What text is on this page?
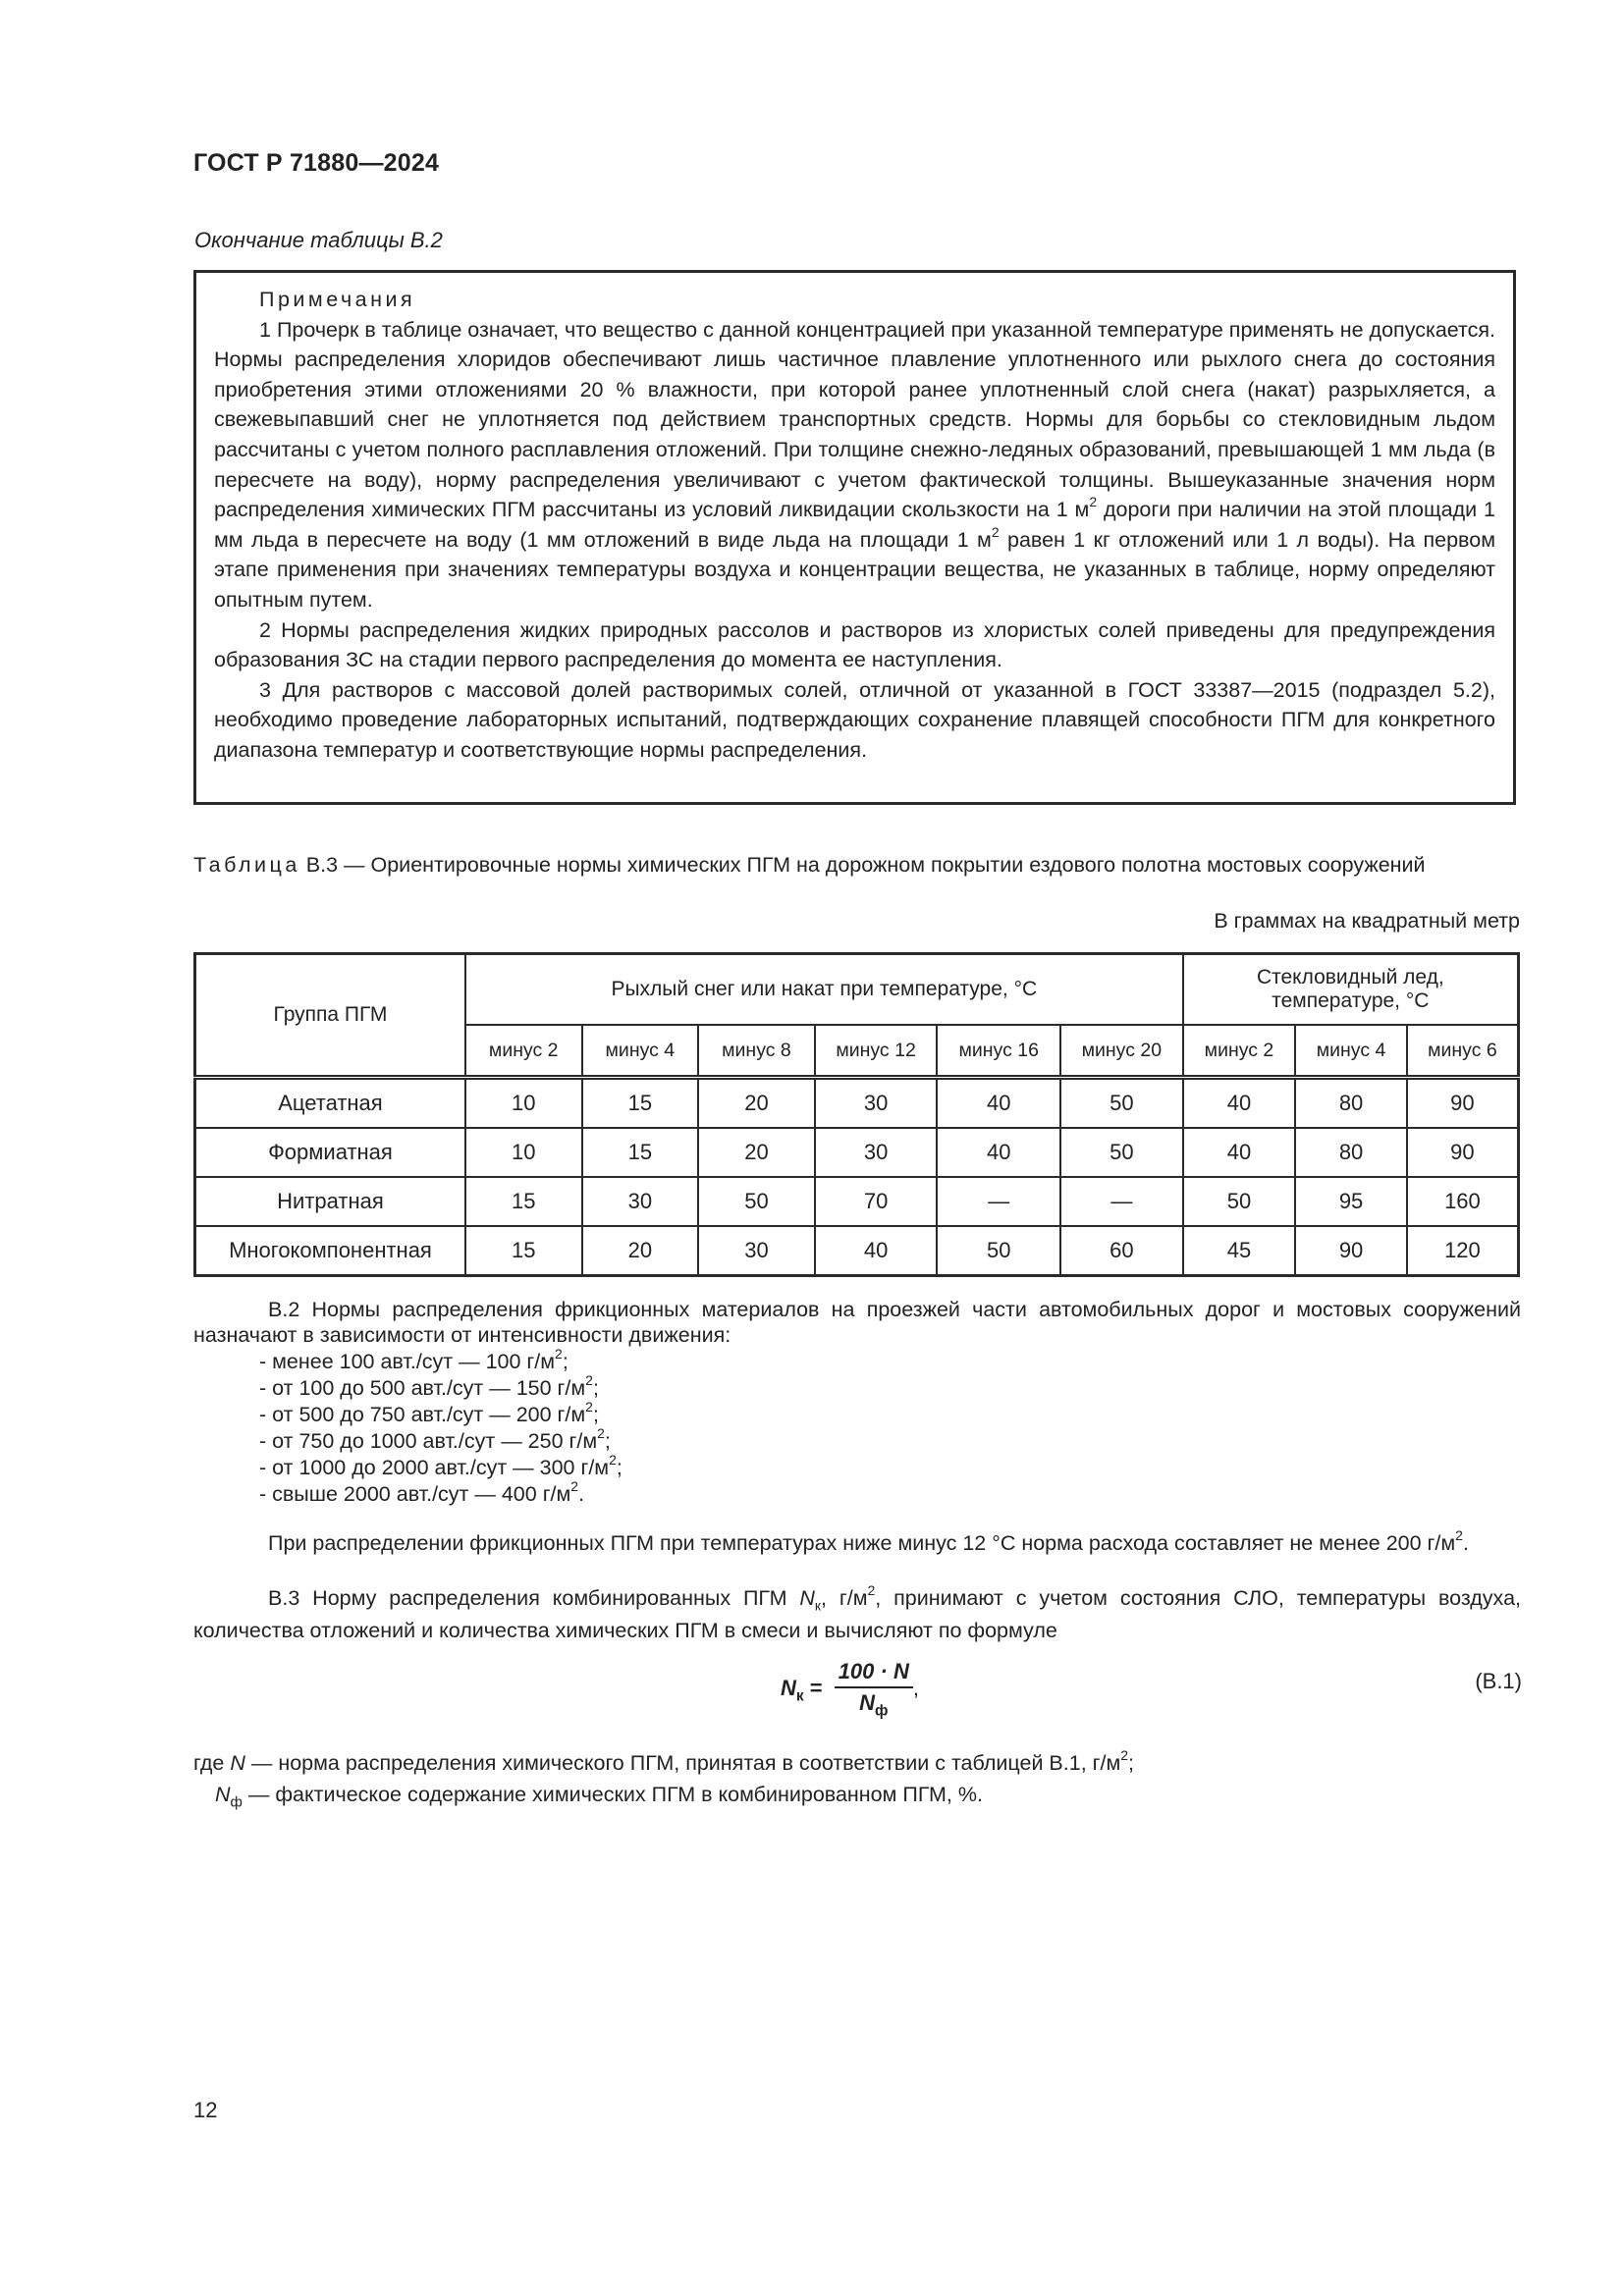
ГОСТ Р 71880—2024
Окончание таблицы В.2
Примечания

1 Прочерк в таблице означает, что вещество с данной концентрацией при указанной температуре применять не допускается. Нормы распределения хлоридов обеспечивают лишь частичное плавление уплотненного или рыхлого снега до состояния приобретения этими отложениями 20 % влажности, при которой ранее уплотненный слой снега (накат) разрыхляется, а свежевыпавший снег не уплотняется под действием транспортных средств. Нормы для борьбы со стекловидным льдом рассчитаны с учетом полного расплавления отложений. При толщине снежно-ледяных образований, превышающей 1 мм льда (в пересчете на воду), норму распределения увеличивают с учетом фактической толщины. Вышеуказанные значения норм распределения химических ПГМ рассчитаны из условий ликвидации скользкости на 1 $м^2$ дороги при наличии на этой площади 1 мм льда в пересчете на воду (1 мм отложений в виде льда на площади 1 $м^2$ равен 1 кг отложений или 1 л воды). На первом этапе применения при значениях температуры воздуха и концентрации вещества, не указанных в таблице, норму определяют опытным путем.

2 Нормы распределения жидких природных рассолов и растворов из хлористых солей приведены для предупреждения образования ЗС на стадии первого распределения до момента ее наступления.

3 Для растворов с массовой долей растворимых солей, отличной от указанной в ГОСТ 33387—2015 (подраздел 5.2), необходимо проведение лабораторных испытаний, подтверждающих сохранение плавящей способности ПГМ для конкретного диапазона температур и соответствующие нормы распределения.

Таблица В.3 — Ориентировочные нормы химических ПГМ на дорожном покрытии ездового полотна мостовых сооружений
В граммах на квадратный метр
Группа ПГМ	Рыхлый снег или накат при температуре, °С						Стекловидный лед, температуре, °С		
	минус 2	минус 4	минус 8	минус 12	минус 16	минус 20	минус 2	минус 4	минус 6
Ацетатная	10	15	20	30	40	50	40	80	90
Формиатная	10	15	20	30	40	50	40	80	90
Нитратная	15	30	50	70	—	—	50	95	160
Многокомпонентная	15	20	30	40	50	60	45	90	120
В.2 Нормы распределения фрикционных материалов на проезжей части автомобильных дорог и мостовых сооружений назначают в зависимости от интенсивности движения:
- менее 100 авт./сут — 100 $г/м^2$;
- от 100 до 500 авт./сут — 150 $г/м^2$;
- от 500 до 750 авт./сут — 200 $г/м^2$;
- от 750 до 1000 авт./сут — 250 $г/м^2$;
- от 1000 до 2000 авт./сут — 300 $г/м^2$;
- свыше 2000 авт./сут — 400 $г/м^2$.
При распределении фрикционных ПГМ при температурах ниже минус 12 °С норма расхода составляет не менее 200 $г/м^2$.
В.3 Норму распределения комбинированных ПГМ $N_к$, $г/м^2$, принимают с учетом состояния СЛО, температуры воздуха, количества отложений и количества химических ПГМ в смеси и вычисляют по формуле
$N_к = \frac{100 \cdot N}{N_ф}$ ,	(В.1)
где N — норма распределения химического ПГМ, принятая в соответствии с таблицей В.1, $г/м^2$;
$N_ф$ — фактическое содержание химических ПГМ в комбинированном ПГМ, %.
12
